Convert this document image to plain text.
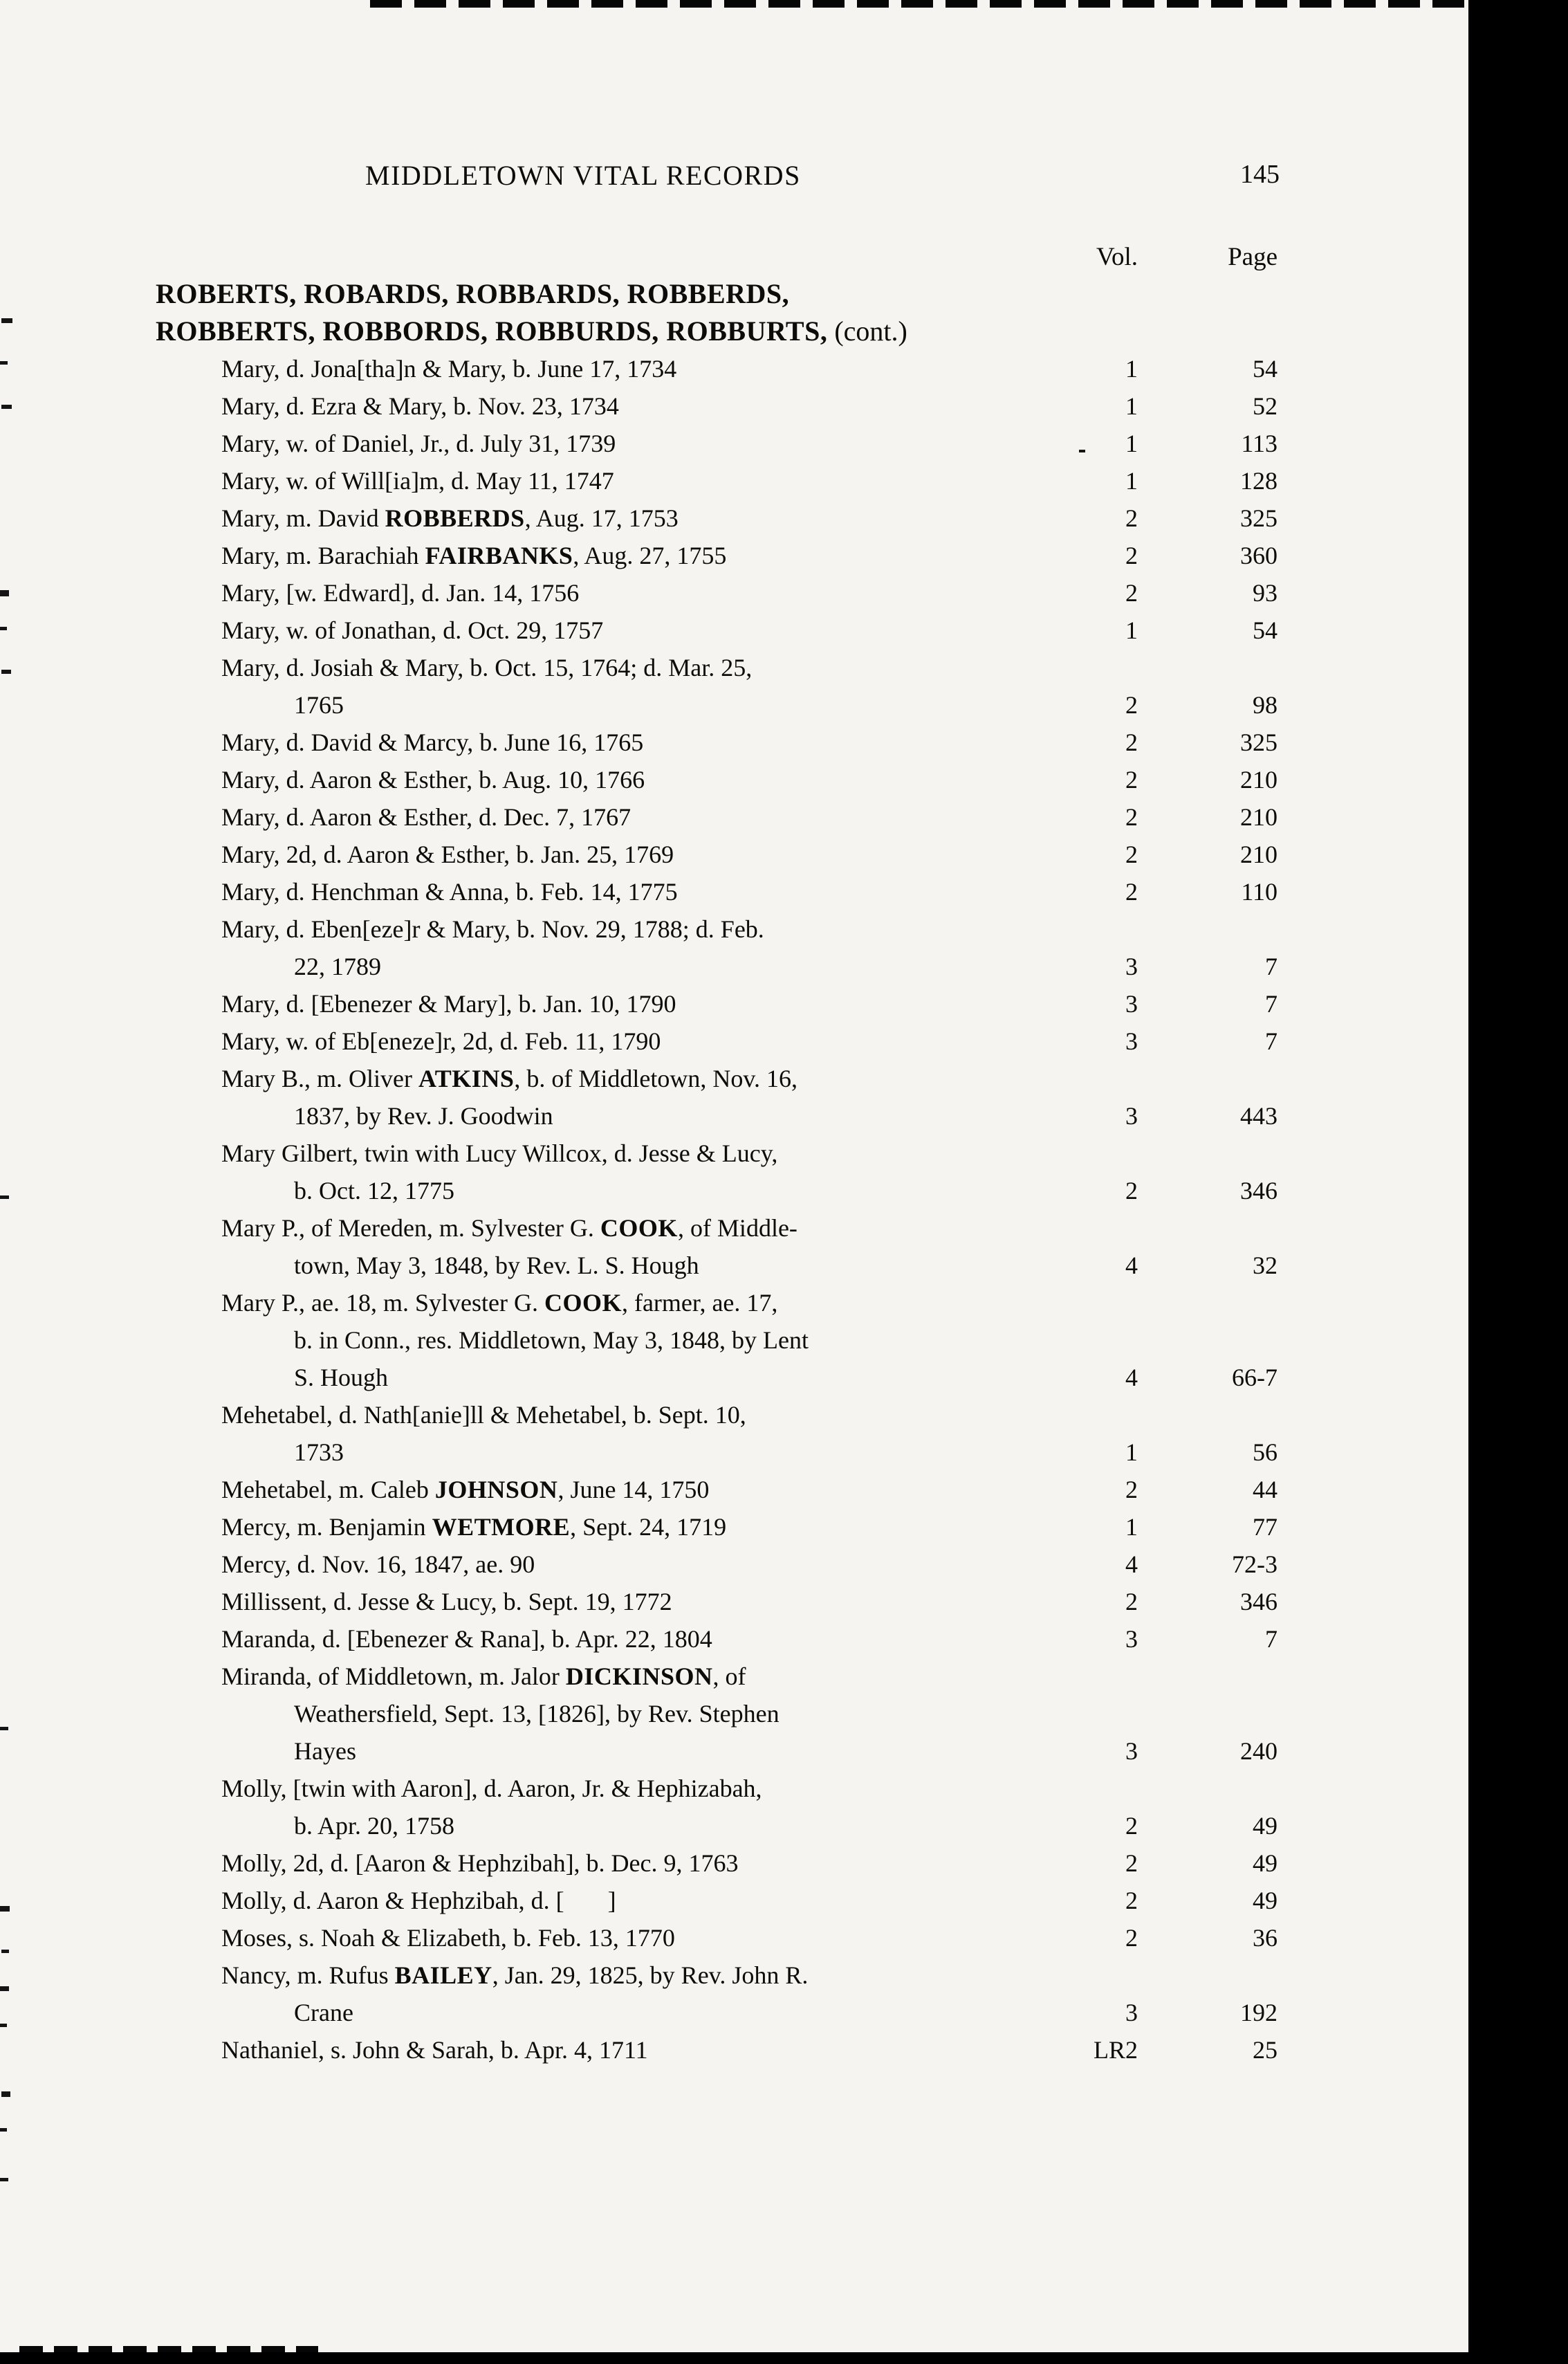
MIDDLETOWN VITAL RECORDS	145
Vol.	Page
ROBERTS, ROBARDS, ROBBARDS, ROBBERDS,
ROBBERTS, ROBBORDS, ROBBURDS, ROBBURTS, (cont.)
Mary, d. Jona[tha]n & Mary, b. June 17, 1734	1	54
Mary, d. Ezra & Mary, b. Nov. 23, 1734	1	52
Mary, w. of Daniel, Jr., d. July 31, 1739	1	113
Mary, w. of Will[ia]m, d. May 11, 1747	1	128
Mary, m. David ROBBERDS, Aug. 17, 1753	2	325
Mary, m. Barachiah FAIRBANKS, Aug. 27, 1755	2	360
Mary, [w. Edward], d. Jan. 14, 1756	2	93
Mary, w. of Jonathan, d. Oct. 29, 1757	1	54
Mary, d. Josiah & Mary, b. Oct. 15, 1764; d. Mar. 25,
1765	2	98
Mary, d. David & Marcy, b. June 16, 1765	2	325
Mary, d. Aaron & Esther, b. Aug. 10, 1766	2	210
Mary, d. Aaron & Esther, d. Dec. 7, 1767	2	210
Mary, 2d, d. Aaron & Esther, b. Jan. 25, 1769	2	210
Mary, d. Henchman & Anna, b. Feb. 14, 1775	2	110
Mary, d. Eben[eze]r & Mary, b. Nov. 29, 1788; d. Feb.
22, 1789	3	7
Mary, d. [Ebenezer & Mary], b. Jan. 10, 1790	3	7
Mary, w. of Eb[eneze]r, 2d, d. Feb. 11, 1790	3	7
Mary B., m. Oliver ATKINS, b. of Middletown, Nov. 16,
1837, by Rev. J. Goodwin	3	443
Mary Gilbert, twin with Lucy Willcox, d. Jesse & Lucy,
b. Oct. 12, 1775	2	346
Mary P., of Mereden, m. Sylvester G. COOK, of Middle-
town, May 3, 1848, by Rev. L. S. Hough	4	32
Mary P., ae. 18, m. Sylvester G. COOK, farmer, ae. 17,
b. in Conn., res. Middletown, May 3, 1848, by Lent
S. Hough	4	66-7
Mehetabel, d. Nath[anie]ll & Mehetabel, b. Sept. 10,
1733	1	56
Mehetabel, m. Caleb JOHNSON, June 14, 1750	2	44
Mercy, m. Benjamin WETMORE, Sept. 24, 1719	1	77
Mercy, d. Nov. 16, 1847, ae. 90	4	72-3
Millissent, d. Jesse & Lucy, b. Sept. 19, 1772	2	346
Maranda, d. [Ebenezer & Rana], b. Apr. 22, 1804	3	7
Miranda, of Middletown, m. Jalor DICKINSON, of
Weathersfield, Sept. 13, [1826], by Rev. Stephen
Hayes	3	240
Molly, [twin with Aaron], d. Aaron, Jr. & Hephizabah,
b. Apr. 20, 1758	2	49
Molly, 2d, d. [Aaron & Hephzibah], b. Dec. 9, 1763	2	49
Molly, d. Aaron & Hephzibah, d. [       ]	2	49
Moses, s. Noah & Elizabeth, b. Feb. 13, 1770	2	36
Nancy, m. Rufus BAILEY, Jan. 29, 1825, by Rev. John R.
Crane	3	192
Nathaniel, s. John & Sarah, b. Apr. 4, 1711	LR2	25
